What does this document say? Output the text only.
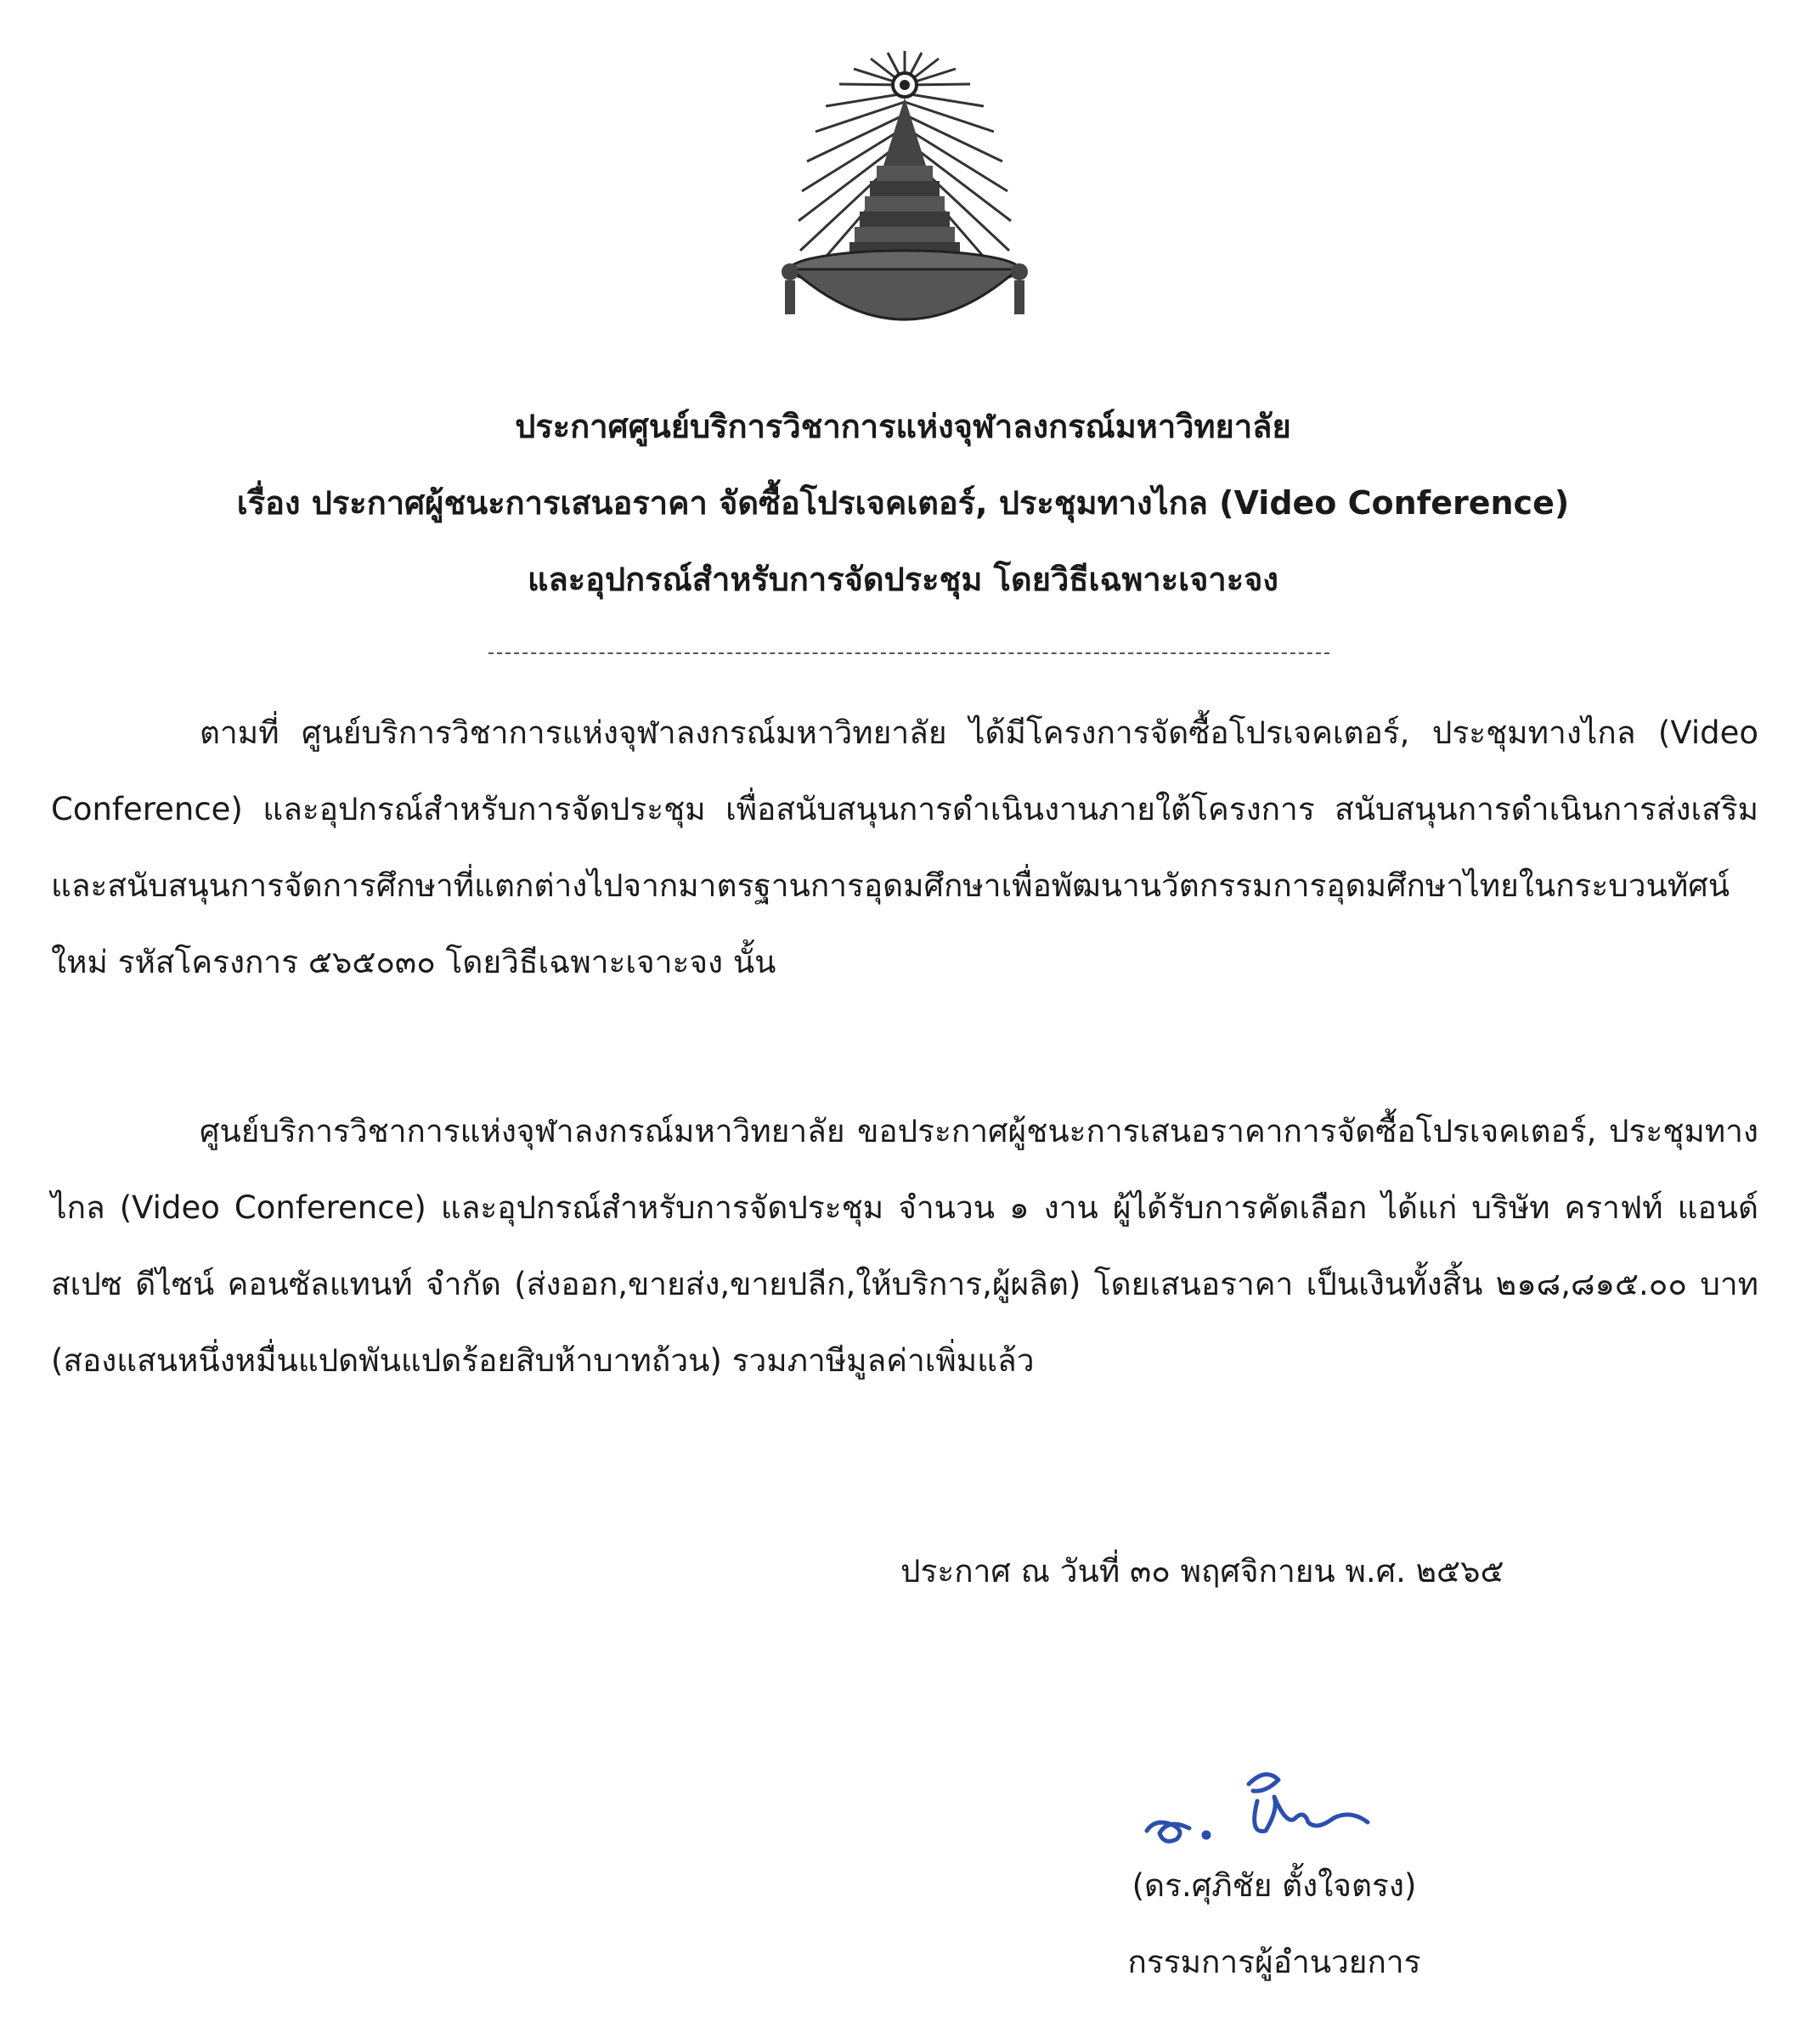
ประกาศศูนย์บริการวิชาการแห่งจุฬาลงกรณ์มหาวิทยาลัย
เรื่อง ประกาศผู้ชนะการเสนอราคา จัดซื้อโปรเจคเตอร์, ประชุมทางไกล (Video Conference)
และอุปกรณ์สำหรับการจัดประชุม โดยวิธีเฉพาะเจาะจง

ตามที่ ศูนย์บริการวิชาการแห่งจุฬาลงกรณ์มหาวิทยาลัย ได้มีโครงการจัดซื้อโปรเจคเตอร์, ประชุมทางไกล (Video Conference) และอุปกรณ์สำหรับการจัดประชุม เพื่อสนับสนุนการดำเนินงานภายใต้โครงการ สนับสนุนการดำเนินการส่งเสริมและสนับสนุนการจัดการศึกษาที่แตกต่างไปจากมาตรฐานการอุดมศึกษาเพื่อพัฒนานวัตกรรมการอุดมศึกษาไทยในกระบวนทัศน์ใหม่ รหัสโครงการ ๕๖๕๐๓๐ โดยวิธีเฉพาะเจาะจง นั้น

ศูนย์บริการวิชาการแห่งจุฬาลงกรณ์มหาวิทยาลัย ขอประกาศผู้ชนะการเสนอราคาการจัดซื้อโปรเจคเตอร์, ประชุมทางไกล (Video Conference) และอุปกรณ์สำหรับการจัดประชุม จำนวน ๑ งาน ผู้ได้รับการคัดเลือก ได้แก่ บริษัท คราฟท์ แอนด์ สเปซ ดีไซน์ คอนซัลแทนท์ จำกัด (ส่งออก,ขายส่ง,ขายปลีก,ให้บริการ,ผู้ผลิต) โดยเสนอราคา เป็นเงินทั้งสิ้น ๒๑๘,๘๑๕.๐๐ บาท (สองแสนหนึ่งหมื่นแปดพันแปดร้อยสิบห้าบาทถ้วน) รวมภาษีมูลค่าเพิ่มแล้ว

ประกาศ ณ วันที่ ๓๐ พฤศจิกายน พ.ศ. ๒๕๖๕
(ดร.ศุภิชัย ตั้งใจตรง)
กรรมการผู้อำนวยการ
